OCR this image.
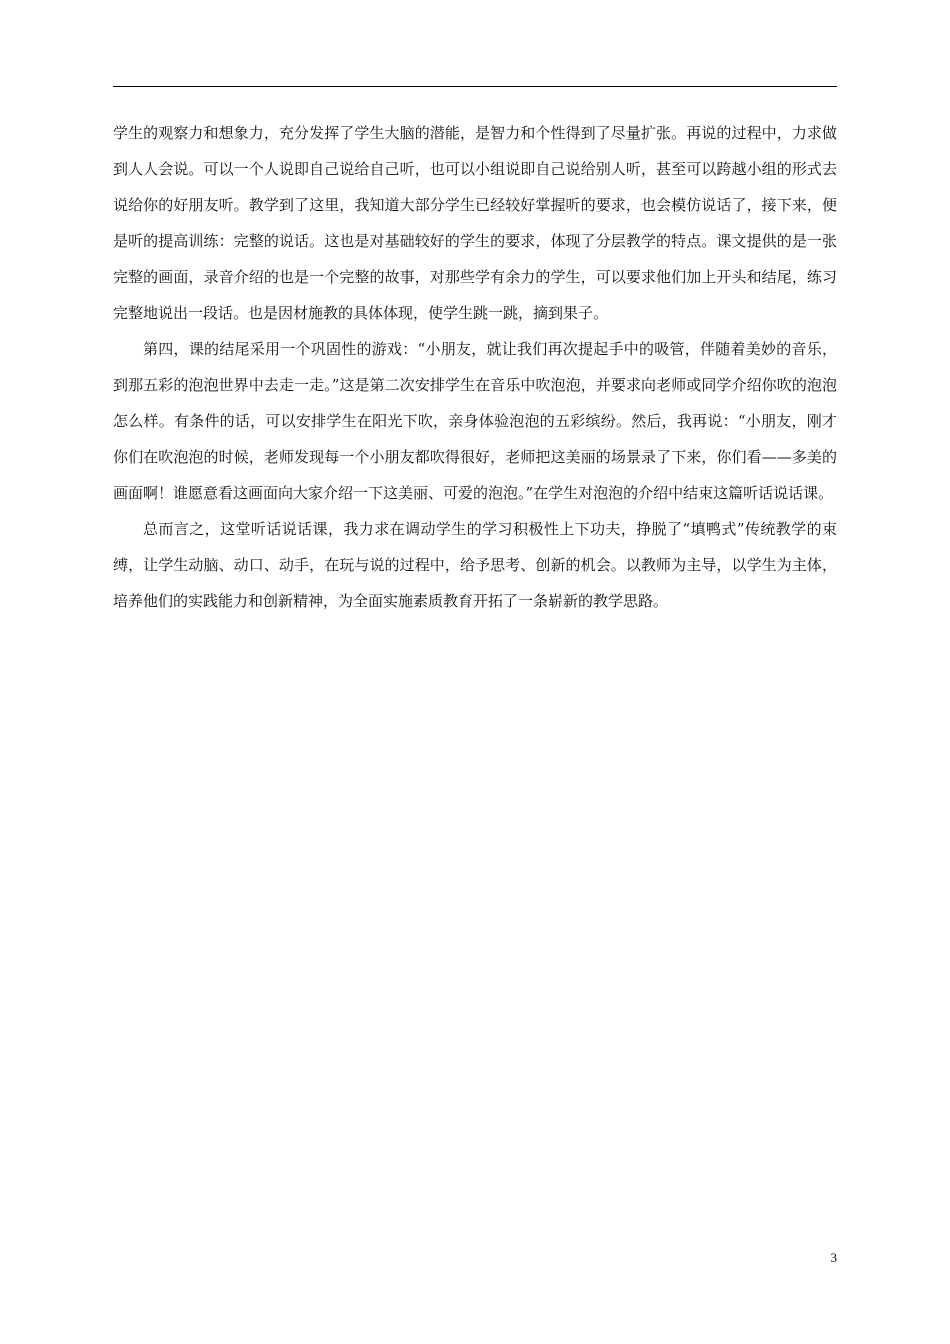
学生的观察力和想象力，充分发挥了学生大脑的潜能，是智力和个性得到了尽量扩张。再说的过程中，力求做到人人会说。可以一个人说即自己说给自己听，也可以小组说即自己说给别人听，甚至可以跨越小组的形式去说给你的好朋友听。教学到了这里，我知道大部分学生已经较好掌握听的要求，也会模仿说话了，接下来，便是听的提高训练：完整的说话。这也是对基础较好的学生的要求，体现了分层教学的特点。课文提供的是一张完整的画面，录音介绍的也是一个完整的故事，对那些学有余力的学生，可以要求他们加上开头和结尾，练习完整地说出一段话。也是因材施教的具体体现，使学生跳一跳，摘到果子。

第四，课的结尾采用一个巩固性的游戏：“小朋友，就让我们再次提起手中的吸管，伴随着美妙的音乐，到那五彩的泡泡世界中去走一走。”这是第二次安排学生在音乐中吹泡泡，并要求向老师或同学介绍你吹的泡泡怎么样。有条件的话，可以安排学生在阳光下吹，亲身体验泡泡的五彩缤纷。然后，我再说：“小朋友，刚才你们在吹泡泡的时候，老师发现每一个小朋友都吹得很好，老师把这美丽的场景录了下来，你们看——多美的画面啊！谁愿意看这画面向大家介绍一下这美丽、可爱的泡泡。”在学生对泡泡的介绍中结束这篇听话说话课。

总而言之，这堂听话说话课，我力求在调动学生的学习积极性上下功夫，挣脱了“填鸭式”传统教学的束缚，让学生动脑、动口、动手，在玩与说的过程中，给予思考、创新的机会。以教师为主导，以学生为主体，培养他们的实践能力和创新精神，为全面实施素质教育开拓了一条崭新的教学思路。

3
